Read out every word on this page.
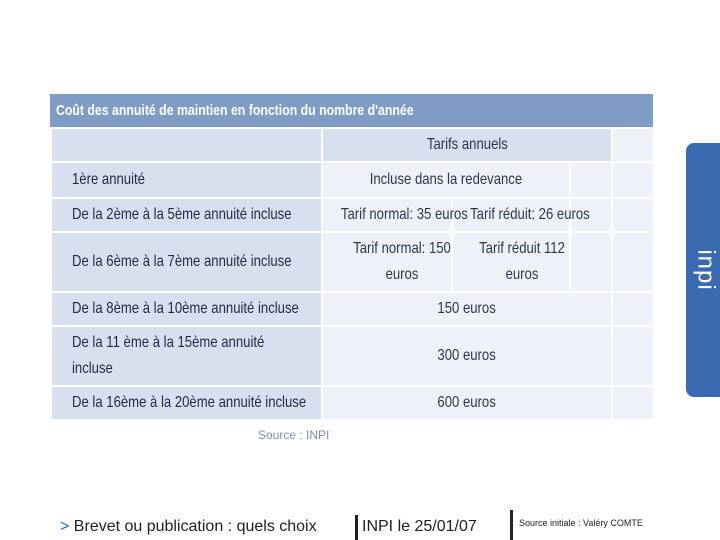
inpi
Coût des annuité de maintien en fonction du nombre d'année
	Tarifs annuels			
1ère annuité	Incluse dans la redevance			
De la 2ème à la 5ème annuité incluse	Tarif normal: 35 euros	Tarif réduit: 26 euros		
De la 6ème à la 7ème annuité incluse	Tarif normal: 150 euros	Tarif réduit 112 euros		
De la 8ème à la 10ème annuité incluse	150 euros			
De la 11 ème à la 15ème annuité incluse	300 euros			
De la 16ème à la 20ème annuité incluse	600 euros			
Source : INPI
> Brevet ou publication : quels choix	INPI le 25/01/07	Source initiale : Valéry COMTE
